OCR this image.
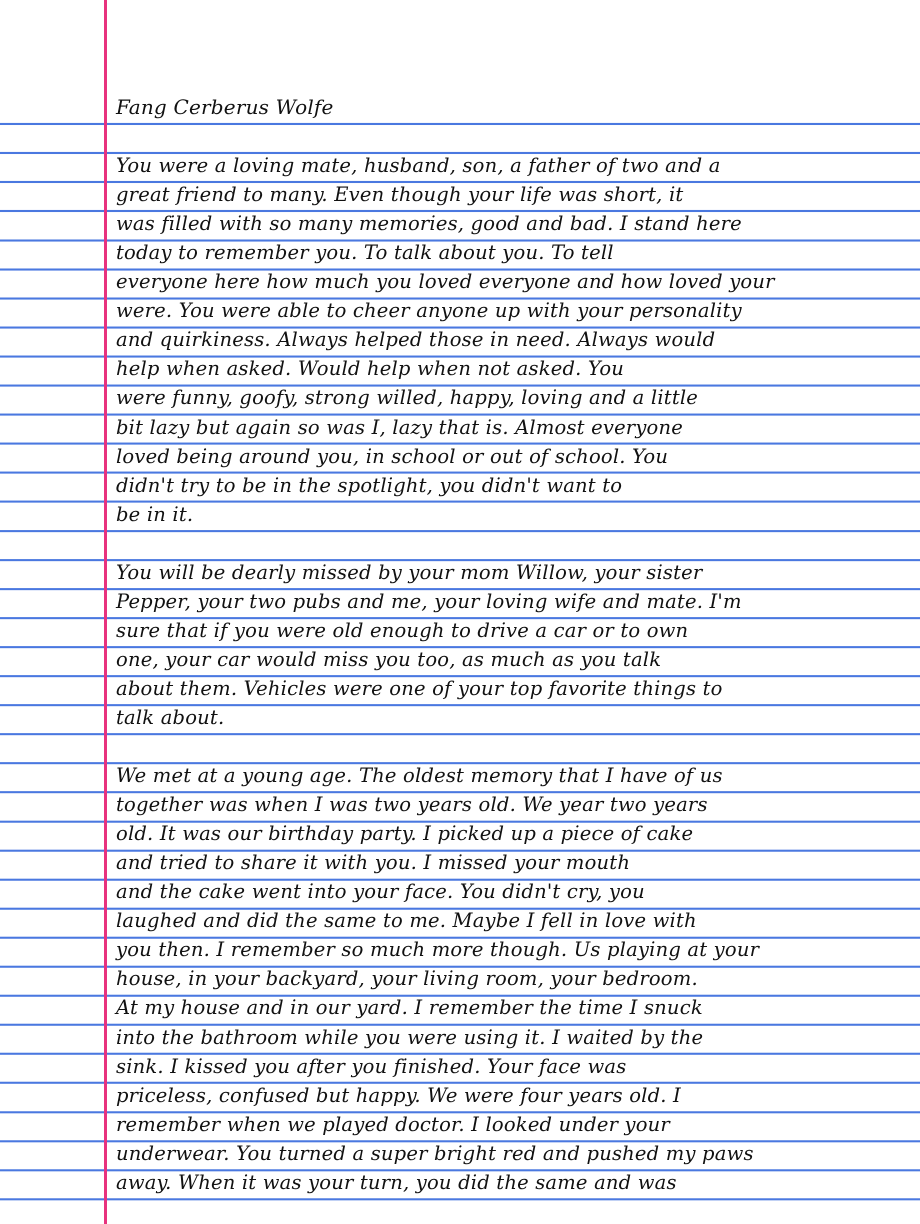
Fang Cerberus Wolfe
You were a loving mate, husband, son, a father of two and a
great friend to many. Even though your life was short, it
was filled with so many memories, good and bad. I stand here
today to remember you. To talk about you. To tell
everyone here how much you loved everyone and how loved your
were. You were able to cheer anyone up with your personality
and quirkiness. Always helped those in need. Always would
help when asked. Would help when not asked. You
were funny, goofy, strong willed, happy, loving and a little
bit lazy but again so was I, lazy that is. Almost everyone
loved being around you, in school or out of school. You
didn't try to be in the spotlight, you didn't want to
be in it.
You will be dearly missed by your mom Willow, your sister
Pepper, your two pubs and me, your loving wife and mate. I'm
sure that if you were old enough to drive a car or to own
one, your car would miss you too, as much as you talk
about them. Vehicles were one of your top favorite things to
talk about.
We met at a young age. The oldest memory that I have of us
together was when I was two years old. We year two years
old. It was our birthday party. I picked up a piece of cake
and tried to share it with you. I missed your mouth
and the cake went into your face. You didn't cry, you
laughed and did the same to me. Maybe I fell in love with
you then. I remember so much more though. Us playing at your
house, in your backyard, your living room, your bedroom.
At my house and in our yard. I remember the time I snuck
into the bathroom while you were using it. I waited by the
sink. I kissed you after you finished. Your face was
priceless, confused but happy. We were four years old. I
remember when we played doctor. I looked under your
underwear. You turned a super bright red and pushed my paws
away. When it was your turn, you did the same and was
